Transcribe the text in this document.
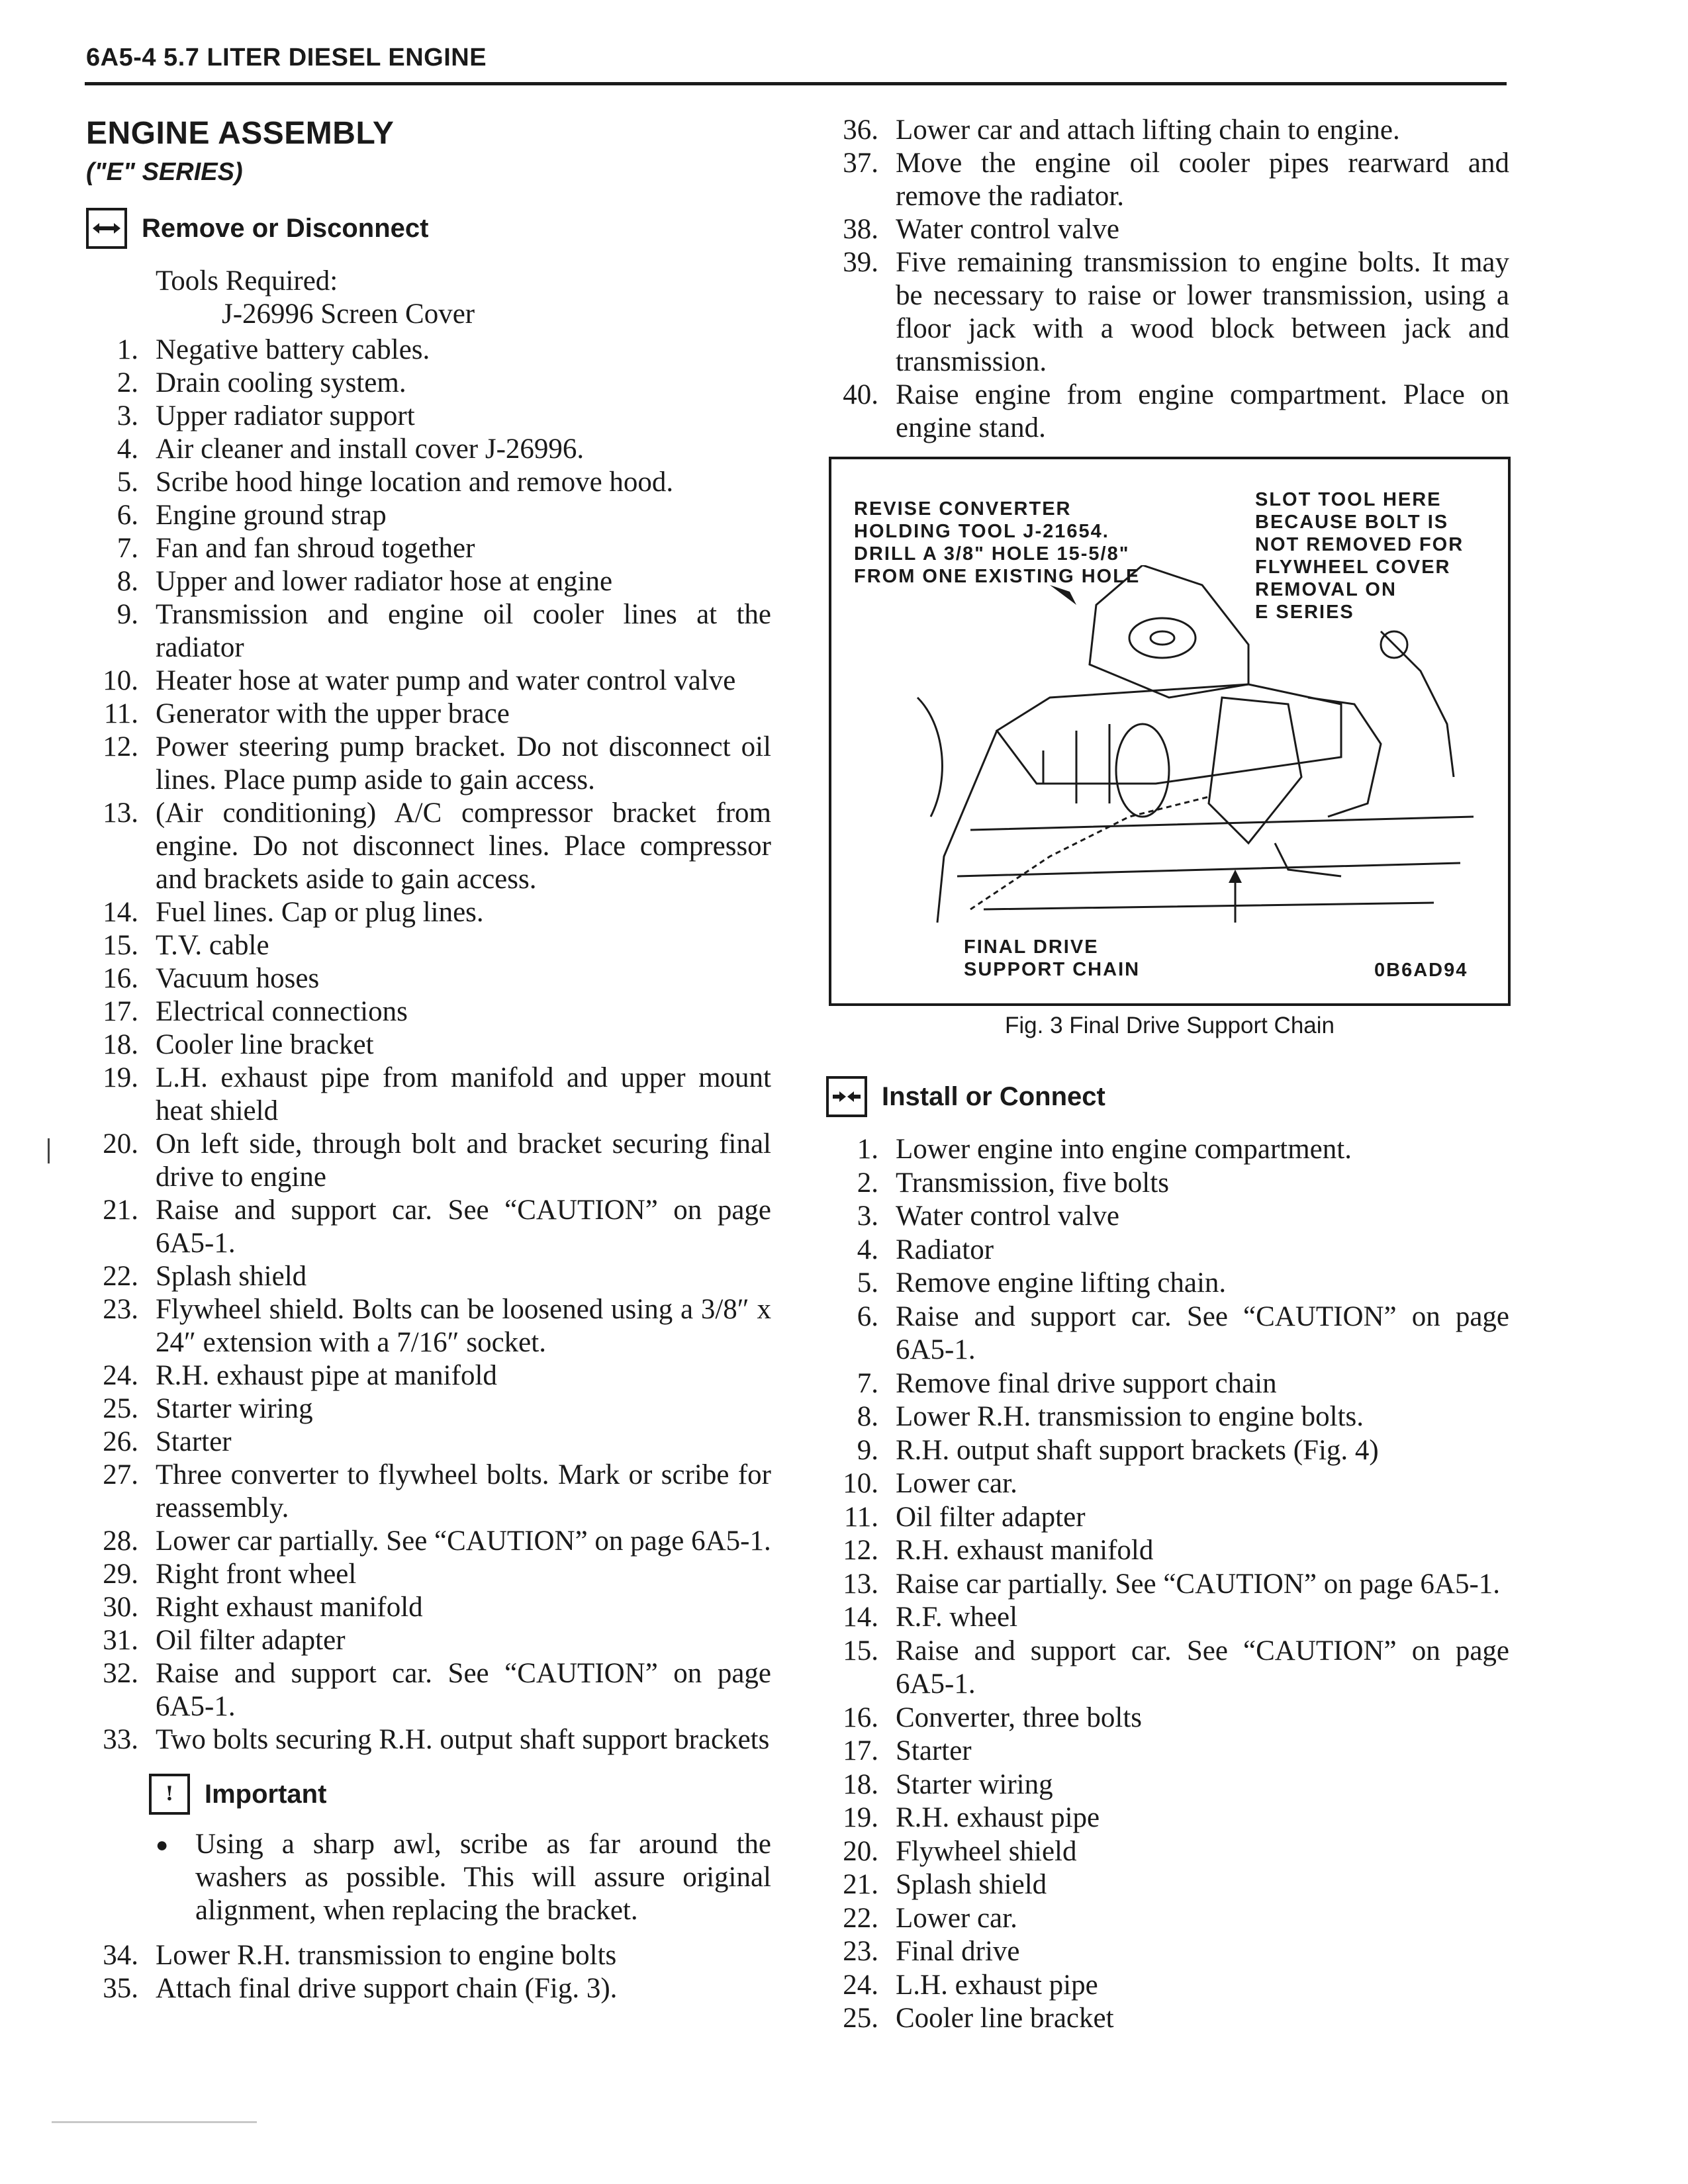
6A5-4 5.7 LITER DIESEL ENGINE
ENGINE ASSEMBLY
("E" SERIES)
Remove or Disconnect
Tools Required:
J-26996 Screen Cover
1. Negative battery cables.
2. Drain cooling system.
3. Upper radiator support
4. Air cleaner and install cover J-26996.
5. Scribe hood hinge location and remove hood.
6. Engine ground strap
7. Fan and fan shroud together
8. Upper and lower radiator hose at engine
9. Transmission and engine oil cooler lines at the radiator
10. Heater hose at water pump and water control valve
11. Generator with the upper brace
12. Power steering pump bracket. Do not disconnect oil lines. Place pump aside to gain access.
13. (Air conditioning) A/C compressor bracket from engine. Do not disconnect lines. Place compressor and brackets aside to gain access.
14. Fuel lines. Cap or plug lines.
15. T.V. cable
16. Vacuum hoses
17. Electrical connections
18. Cooler line bracket
19. L.H. exhaust pipe from manifold and upper mount heat shield
20. On left side, through bolt and bracket securing final drive to engine
21. Raise and support car. See “CAUTION” on page 6A5-1.
22. Splash shield
23. Flywheel shield. Bolts can be loosened using a 3/8″ x 24″ extension with a 7/16″ socket.
24. R.H. exhaust pipe at manifold
25. Starter wiring
26. Starter
27. Three converter to flywheel bolts. Mark or scribe for reassembly.
28. Lower car partially. See “CAUTION” on page 6A5-1.
29. Right front wheel
30. Right exhaust manifold
31. Oil filter adapter
32. Raise and support car. See “CAUTION” on page 6A5-1.
33. Two bolts securing R.H. output shaft support brackets
!	Important
● Using a sharp awl, scribe as far around the washers as possible. This will assure original alignment, when replacing the bracket.
34. Lower R.H. transmission to engine bolts
35. Attach final drive support chain (Fig. 3).
36. Lower car and attach lifting chain to engine.
37. Move the engine oil cooler pipes rearward and remove the radiator.
38. Water control valve
39. Five remaining transmission to engine bolts. It may be necessary to raise or lower transmission, using a floor jack with a wood block between jack and transmission.
40. Raise engine from engine compartment. Place on engine stand.
REVISE CONVERTER
HOLDING TOOL J-21654.
DRILL A 3/8" HOLE 15-5/8"
FROM ONE EXISTING HOLE
SLOT TOOL HERE
BECAUSE BOLT IS
NOT REMOVED FOR
FLYWHEEL COVER
REMOVAL ON
E SERIES
FINAL DRIVE
SUPPORT CHAIN	0B6AD94
Fig. 3 Final Drive Support Chain
Install or Connect
1. Lower engine into engine compartment.
2. Transmission, five bolts
3. Water control valve
4. Radiator
5. Remove engine lifting chain.
6. Raise and support car. See “CAUTION” on page 6A5-1.
7. Remove final drive support chain
8. Lower R.H. transmission to engine bolts.
9. R.H. output shaft support brackets (Fig. 4)
10. Lower car.
11. Oil filter adapter
12. R.H. exhaust manifold
13. Raise car partially. See “CAUTION” on page 6A5-1.
14. R.F. wheel
15. Raise and support car. See “CAUTION” on page 6A5-1.
16. Converter, three bolts
17. Starter
18. Starter wiring
19. R.H. exhaust pipe
20. Flywheel shield
21. Splash shield
22. Lower car.
23. Final drive
24. L.H. exhaust pipe
25. Cooler line bracket
